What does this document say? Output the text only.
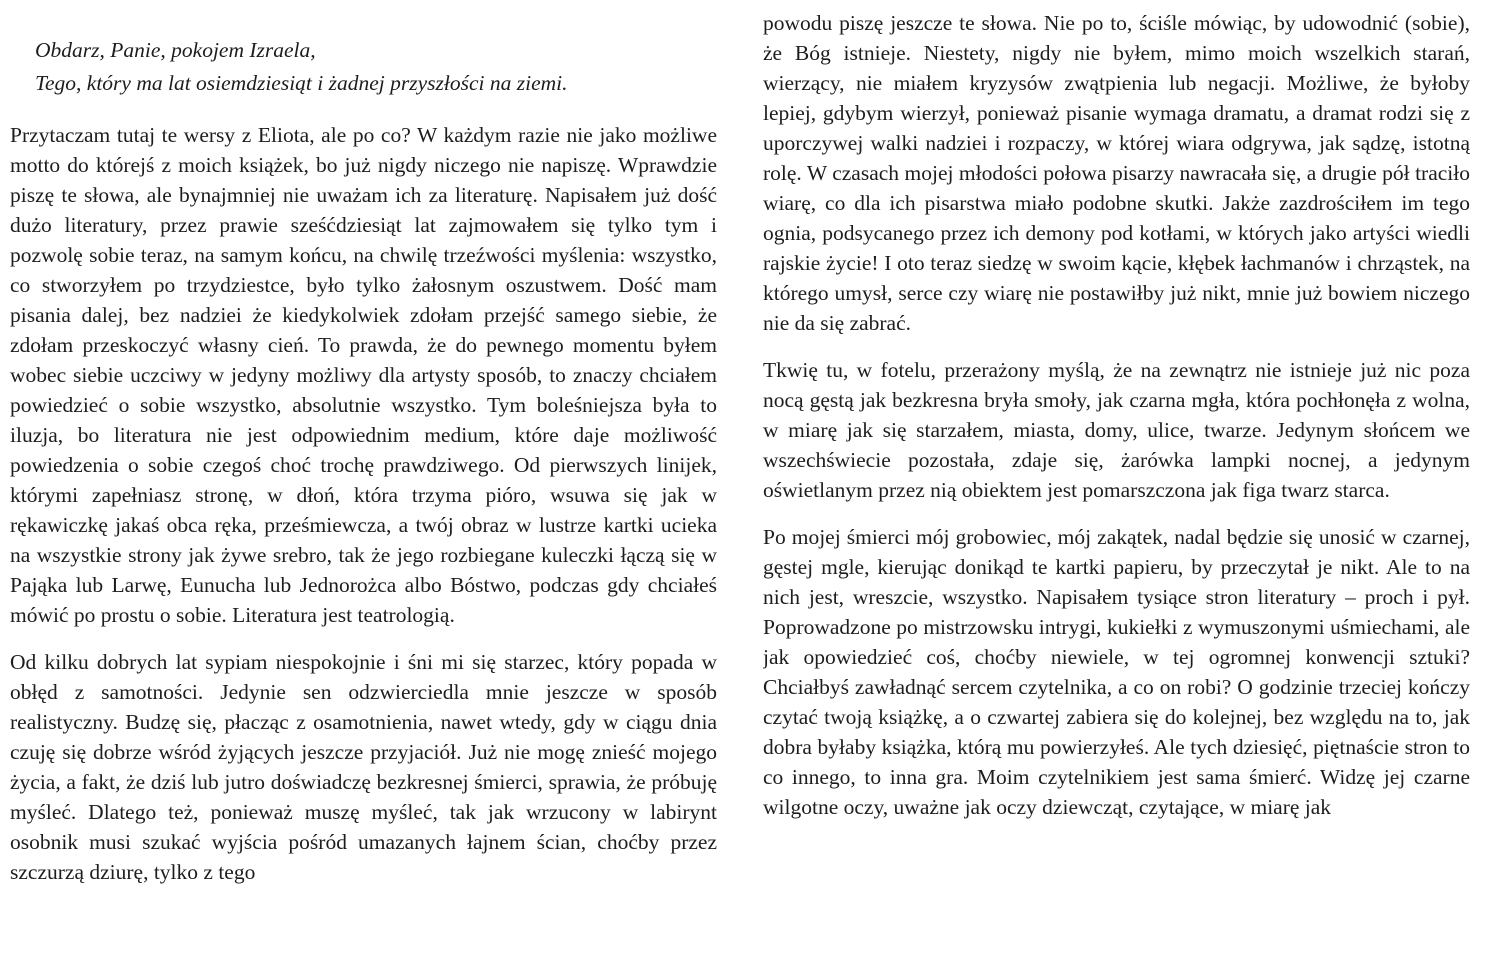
Obdarz, Panie, pokojem Izraela,
Tego, który ma lat osiemdziesiąt i żadnej przyszłości na ziemi.

Przytaczam tutaj te wersy z Eliota, ale po co? W każdym razie nie jako możliwe motto do którejś z moich książek, bo już nigdy niczego nie napiszę. Wprawdzie piszę te słowa, ale bynajmniej nie uważam ich za literaturę. Napisałem już dość dużo literatury, przez prawie sześćdziesiąt lat zajmowałem się tylko tym i pozwolę sobie teraz, na samym końcu, na chwilę trzeźwości myślenia: wszystko, co stworzyłem po trzydziestce, było tylko żałosnym oszustwem. Dość mam pisania dalej, bez nadziei że kiedykolwiek zdołam przejść samego siebie, że zdołam przeskoczyć własny cień. To prawda, że do pewnego momentu byłem wobec siebie uczciwy w jedyny możliwy dla artysty sposób, to znaczy chciałem powiedzieć o sobie wszystko, absolutnie wszystko. Tym boleśniejsza była to iluzja, bo literatura nie jest odpowiednim medium, które daje możliwość powiedzenia o sobie czegoś choć trochę prawdziwego. Od pierwszych linijek, którymi zapełniasz stronę, w dłoń, która trzyma pióro, wsuwa się jak w rękawiczkę jakaś obca ręka, prześmiewcza, a twój obraz w lustrze kartki ucieka na wszystkie strony jak żywe srebro, tak że jego rozbiegane kuleczki łączą się w Pająka lub Larwę, Eunucha lub Jednorożca albo Bóstwo, podczas gdy chciałeś mówić po prostu o sobie. Literatura jest teatrologią.

Od kilku dobrych lat sypiam niespokojnie i śni mi się starzec, który popada w obłęd z samotności. Jedynie sen odzwierciedla mnie jeszcze w sposób realistyczny. Budzę się, płacząc z osamotnienia, nawet wtedy, gdy w ciągu dnia czuję się dobrze wśród żyjących jeszcze przyjaciół. Już nie mogę znieść mojego życia, a fakt, że dziś lub jutro doświadczę bezkresnej śmierci, sprawia, że próbuję myśleć. Dlatego też, ponieważ muszę myśleć, tak jak wrzucony w labirynt osobnik musi szukać wyjścia pośród umazanych łajnem ścian, choćby przez szczurzą dziurę, tylko z tego

powodu piszę jeszcze te słowa. Nie po to, ściśle mówiąc, by udowodnić (sobie), że Bóg istnieje. Niestety, nigdy nie byłem, mimo moich wszelkich starań, wierzący, nie miałem kryzysów zwątpienia lub negacji. Możliwe, że byłoby lepiej, gdybym wierzył, ponieważ pisanie wymaga dramatu, a dramat rodzi się z uporczywej walki nadziei i rozpaczy, w której wiara odgrywa, jak sądzę, istotną rolę. W czasach mojej młodości połowa pisarzy nawracała się, a drugie pół traciło wiarę, co dla ich pisarstwa miało podobne skutki. Jakże zazdrościłem im tego ognia, podsycanego przez ich demony pod kotłami, w których jako artyści wiedli rajskie życie! I oto teraz siedzę w swoim kącie, kłębek łachmanów i chrząstek, na którego umysł, serce czy wiarę nie postawiłby już nikt, mnie już bowiem niczego nie da się zabrać.

Tkwię tu, w fotelu, przerażony myślą, że na zewnątrz nie istnieje już nic poza nocą gęstą jak bezkresna bryła smoły, jak czarna mgła, która pochłonęła z wolna, w miarę jak się starzałem, miasta, domy, ulice, twarze. Jedynym słońcem we wszechświecie pozostała, zdaje się, żarówka lampki nocnej, a jedynym oświetlanym przez nią obiektem jest pomarszczona jak figa twarz starca.

Po mojej śmierci mój grobowiec, mój zakątek, nadal będzie się unosić w czarnej, gęstej mgle, kierując donikąd te kartki papieru, by przeczytał je nikt. Ale to na nich jest, wreszcie, wszystko. Napisałem tysiące stron literatury – proch i pył. Poprowadzone po mistrzowsku intrygi, kukiełki z wymuszonymi uśmiechami, ale jak opowiedzieć coś, choćby niewiele, w tej ogromnej konwencji sztuki? Chciałbyś zawładnąć sercem czytelnika, a co on robi? O godzinie trzeciej kończy czytać twoją książkę, a o czwartej zabiera się do kolejnej, bez względu na to, jak dobra byłaby książka, którą mu powierzyłeś. Ale tych dziesięć, piętnaście stron to co innego, to inna gra. Moim czytelnikiem jest sama śmierć. Widzę jej czarne wilgotne oczy, uważne jak oczy dziewcząt, czytające, w miarę jak
